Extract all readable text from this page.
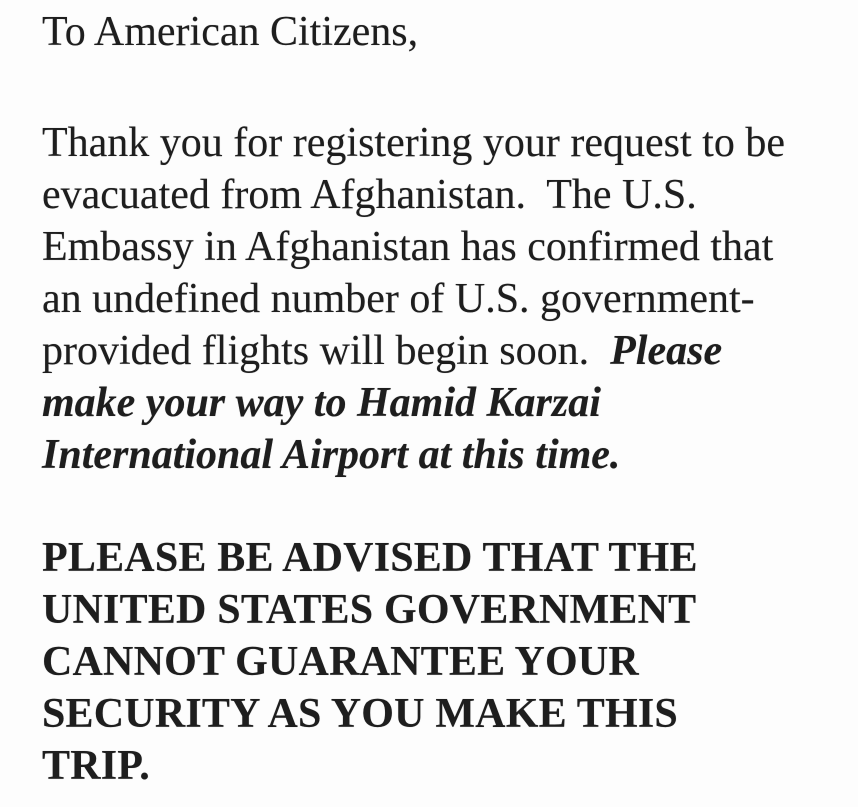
To American Citizens,

Thank you for registering your request to be

evacuated from Afghanistan.  The U.S.

Embassy in Afghanistan has confirmed that

an undefined number of U.S. government-

provided flights will begin soon.  Please

make your way to Hamid Karzai

International Airport at this time.

PLEASE BE ADVISED THAT THE

UNITED STATES GOVERNMENT

CANNOT GUARANTEE YOUR

SECURITY AS YOU MAKE THIS

TRIP.
